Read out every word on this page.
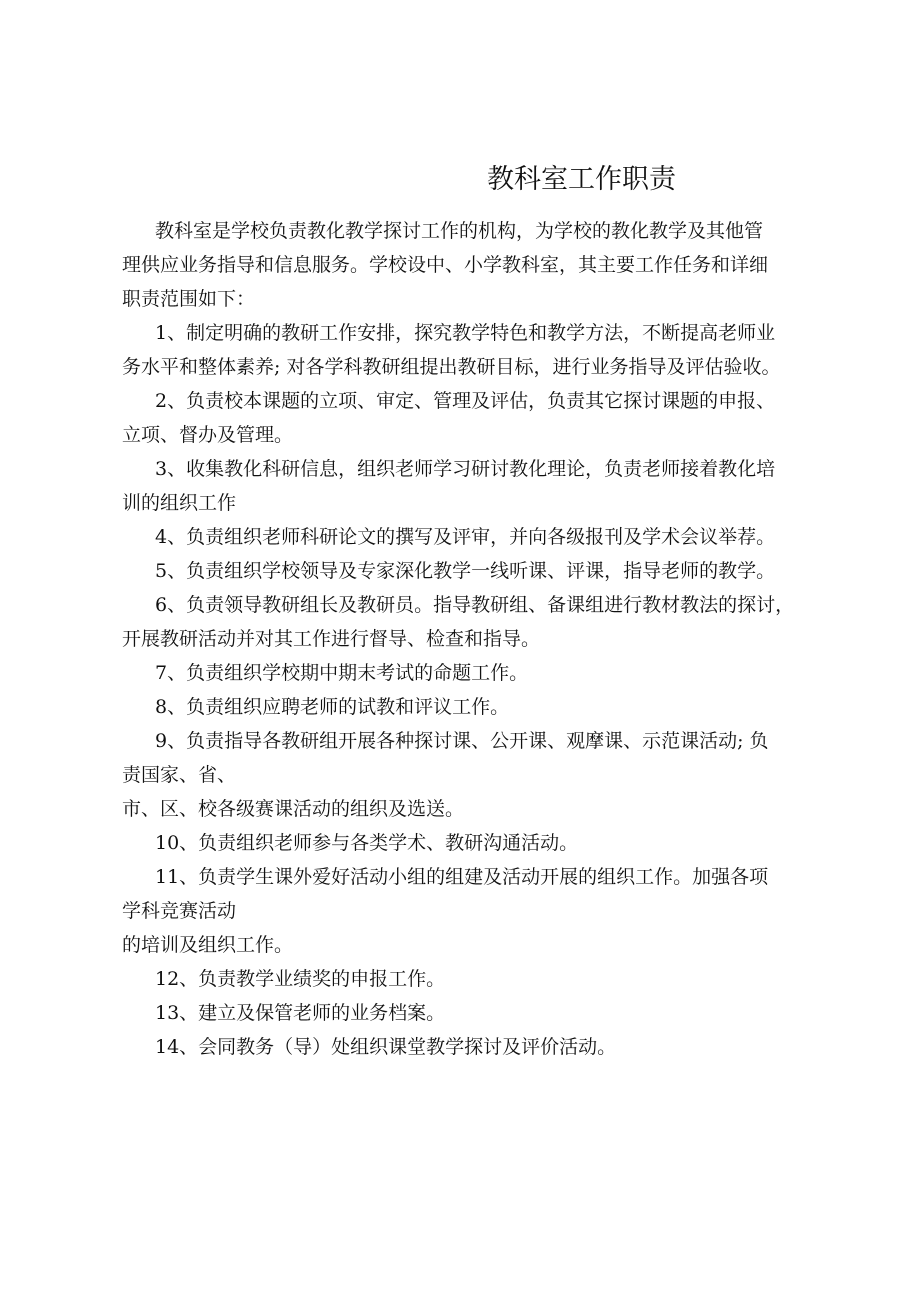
教科室工作职责

教科室是学校负责教化教学探讨工作的机构，为学校的教化教学及其他管

理供应业务指导和信息服务。学校设中、小学教科室，其主要工作任务和详细

职责范围如下：

1、制定明确的教研工作安排，探究教学特色和教学方法，不断提高老师业

务水平和整体素养; 对各学科教研组提出教研目标，进行业务指导及评估验收。

2、负责校本课题的立项、审定、管理及评估，负责其它探讨课题的申报、

立项、督办及管理。

3、收集教化科研信息，组织老师学习研讨教化理论，负责老师接着教化培

训的组织工作

4、负责组织老师科研论文的撰写及评审，并向各级报刊及学术会议举荐。

5、负责组织学校领导及专家深化教学一线听课、评课，指导老师的教学。

6、负责领导教研组长及教研员。指导教研组、备课组进行教材教法的探讨，

开展教研活动并对其工作进行督导、检查和指导。

7、负责组织学校期中期末考试的命题工作。

8、负责组织应聘老师的试教和评议工作。

9、负责指导各教研组开展各种探讨课、公开课、观摩课、示范课活动; 负

责国家、省、

市、区、校各级赛课活动的组织及选送。

10、负责组织老师参与各类学术、教研沟通活动。

11、负责学生课外爱好活动小组的组建及活动开展的组织工作。加强各项

学科竞赛活动

的培训及组织工作。

12、负责教学业绩奖的申报工作。

13、建立及保管老师的业务档案。

14、会同教务（导）处组织课堂教学探讨及评价活动。
